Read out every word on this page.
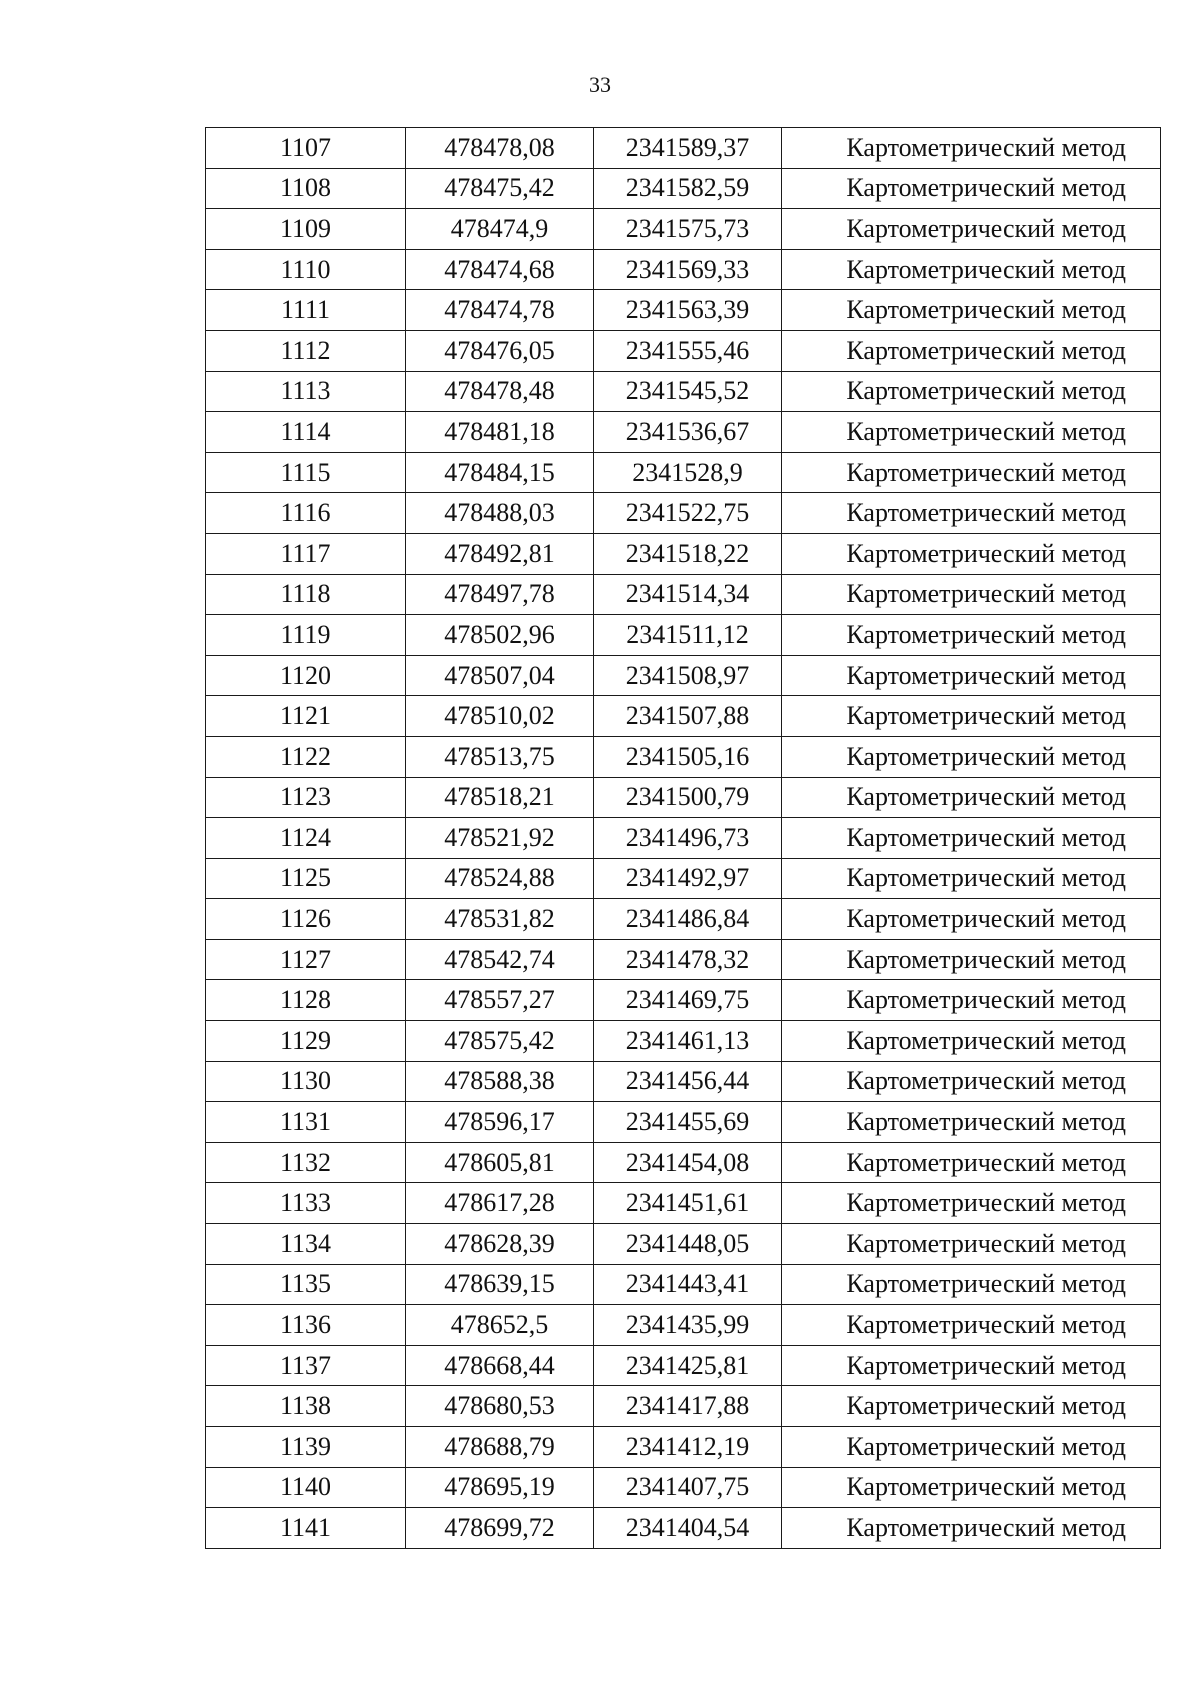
33
1107	478478,08	2341589,37	Картометрический метод
1108	478475,42	2341582,59	Картометрический метод
1109	478474,9	2341575,73	Картометрический метод
1110	478474,68	2341569,33	Картометрический метод
1111	478474,78	2341563,39	Картометрический метод
1112	478476,05	2341555,46	Картометрический метод
1113	478478,48	2341545,52	Картометрический метод
1114	478481,18	2341536,67	Картометрический метод
1115	478484,15	2341528,9	Картометрический метод
1116	478488,03	2341522,75	Картометрический метод
1117	478492,81	2341518,22	Картометрический метод
1118	478497,78	2341514,34	Картометрический метод
1119	478502,96	2341511,12	Картометрический метод
1120	478507,04	2341508,97	Картометрический метод
1121	478510,02	2341507,88	Картометрический метод
1122	478513,75	2341505,16	Картометрический метод
1123	478518,21	2341500,79	Картометрический метод
1124	478521,92	2341496,73	Картометрический метод
1125	478524,88	2341492,97	Картометрический метод
1126	478531,82	2341486,84	Картометрический метод
1127	478542,74	2341478,32	Картометрический метод
1128	478557,27	2341469,75	Картометрический метод
1129	478575,42	2341461,13	Картометрический метод
1130	478588,38	2341456,44	Картометрический метод
1131	478596,17	2341455,69	Картометрический метод
1132	478605,81	2341454,08	Картометрический метод
1133	478617,28	2341451,61	Картометрический метод
1134	478628,39	2341448,05	Картометрический метод
1135	478639,15	2341443,41	Картометрический метод
1136	478652,5	2341435,99	Картометрический метод
1137	478668,44	2341425,81	Картометрический метод
1138	478680,53	2341417,88	Картометрический метод
1139	478688,79	2341412,19	Картометрический метод
1140	478695,19	2341407,75	Картометрический метод
1141	478699,72	2341404,54	Картометрический метод
